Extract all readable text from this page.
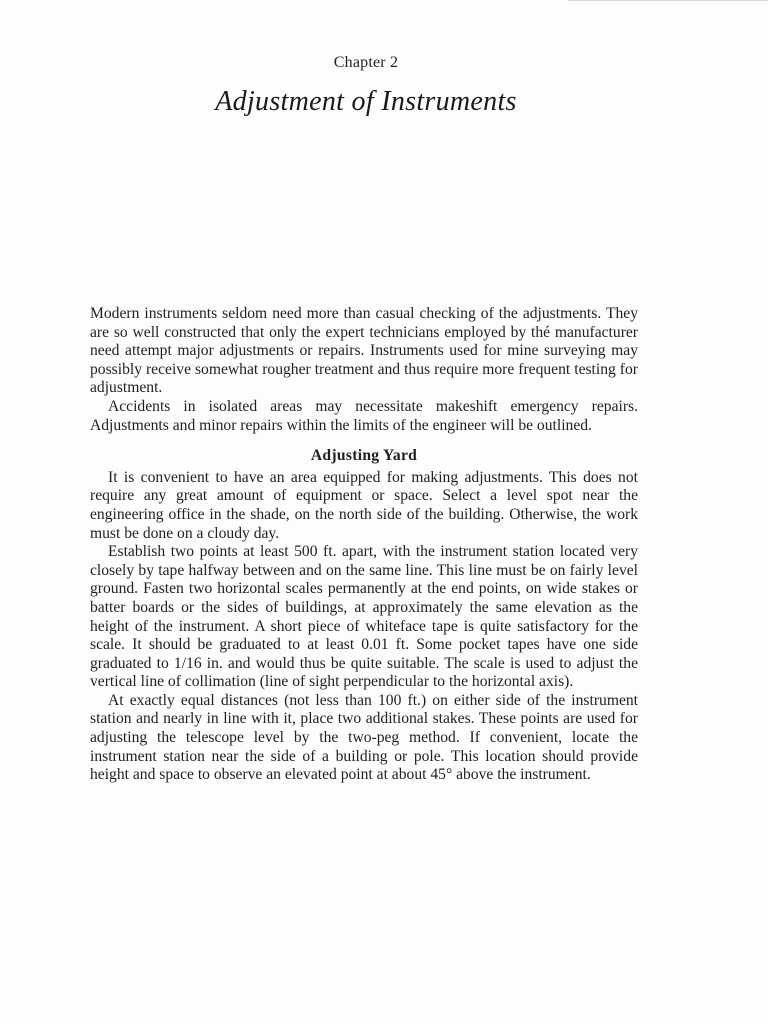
Chapter 2
Adjustment of Instruments

Modern instruments seldom need more than casual checking of the adjustments. They are so well constructed that only the expert technicians employed by thé manufacturer need attempt major adjustments or repairs. Instruments used for mine surveying may possibly receive somewhat rougher treatment and thus require more frequent testing for adjustment.

Accidents in isolated areas may necessitate makeshift emergency repairs. Adjustments and minor repairs within the limits of the engineer will be outlined.

Adjusting Yard

It is convenient to have an area equipped for making adjustments. This does not require any great amount of equipment or space. Select a level spot near the engineering office in the shade, on the north side of the building. Otherwise, the work must be done on a cloudy day.

Establish two points at least 500 ft. apart, with the instrument station located very closely by tape halfway between and on the same line. This line must be on fairly level ground. Fasten two horizontal scales permanently at the end points, on wide stakes or batter boards or the sides of buildings, at approximately the same elevation as the height of the instrument. A short piece of whiteface tape is quite satisfactory for the scale. It should be graduated to at least 0.01 ft. Some pocket tapes have one side graduated to 1/16 in. and would thus be quite suitable. The scale is used to adjust the vertical line of collimation (line of sight perpendicular to the horizontal axis).

At exactly equal distances (not less than 100 ft.) on either side of the instrument station and nearly in line with it, place two additional stakes. These points are used for adjusting the telescope level by the two-peg method. If convenient, locate the instrument station near the side of a building or pole. This location should provide height and space to observe an elevated point at about 45° above the instrument.
